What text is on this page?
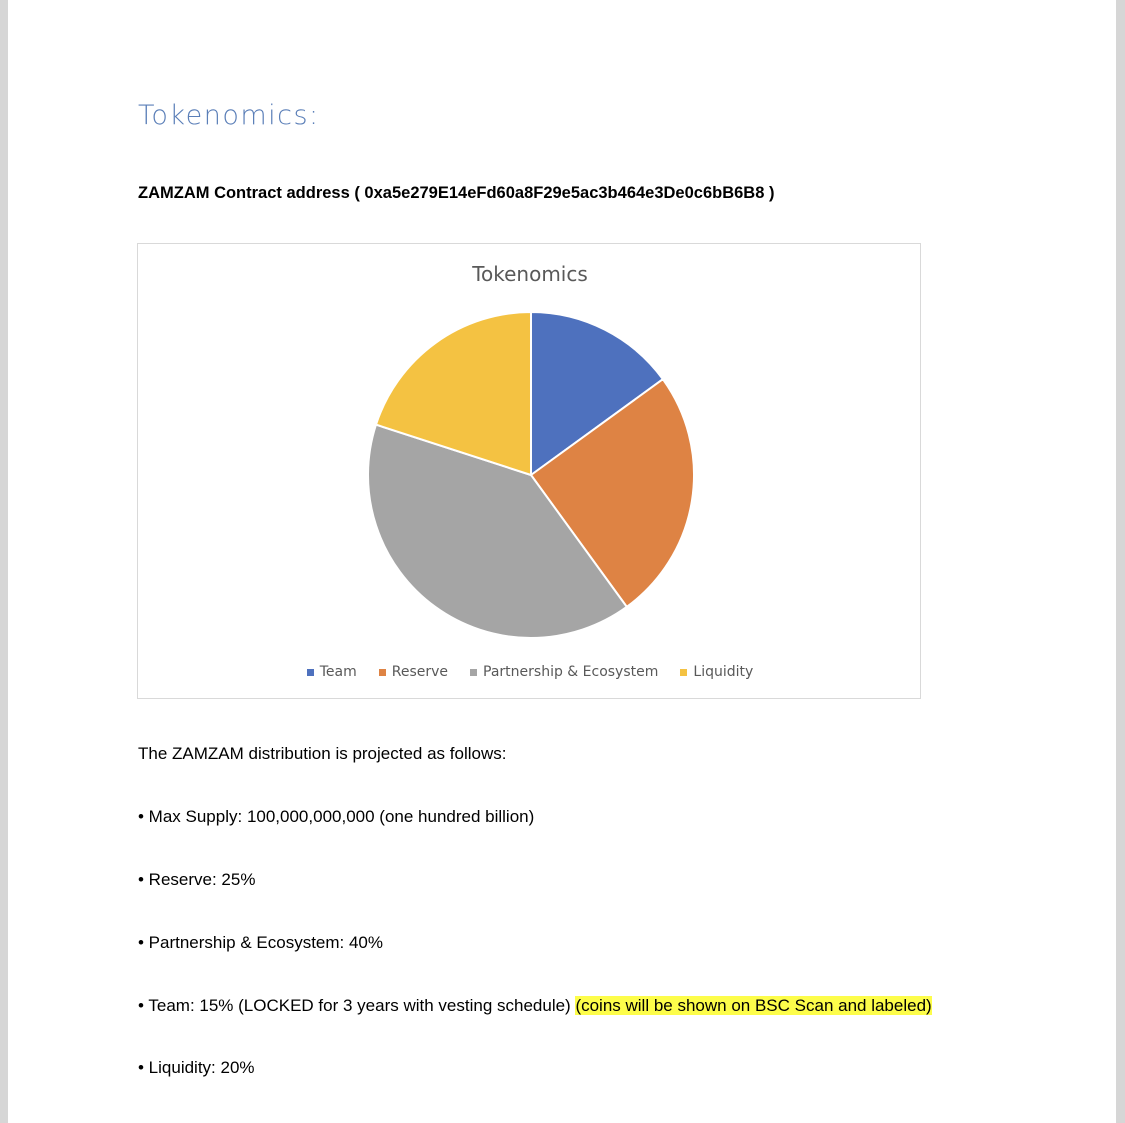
Tokenomics:
ZAMZAM Contract address ( 0xa5e279E14eFd60a8F29e5ac3b464e3De0c6bB6B8 )
Tokenomics
Team	Reserve	Partnership & Ecosystem	Liquidity
The ZAMZAM distribution is projected as follows:
• Max Supply: 100,000,000,000 (one hundred billion)
• Reserve: 25%
• Partnership & Ecosystem: 40%
• Team: 15% (LOCKED for 3 years with vesting schedule) (coins will be shown on BSC Scan and labeled)
• Liquidity: 20%
